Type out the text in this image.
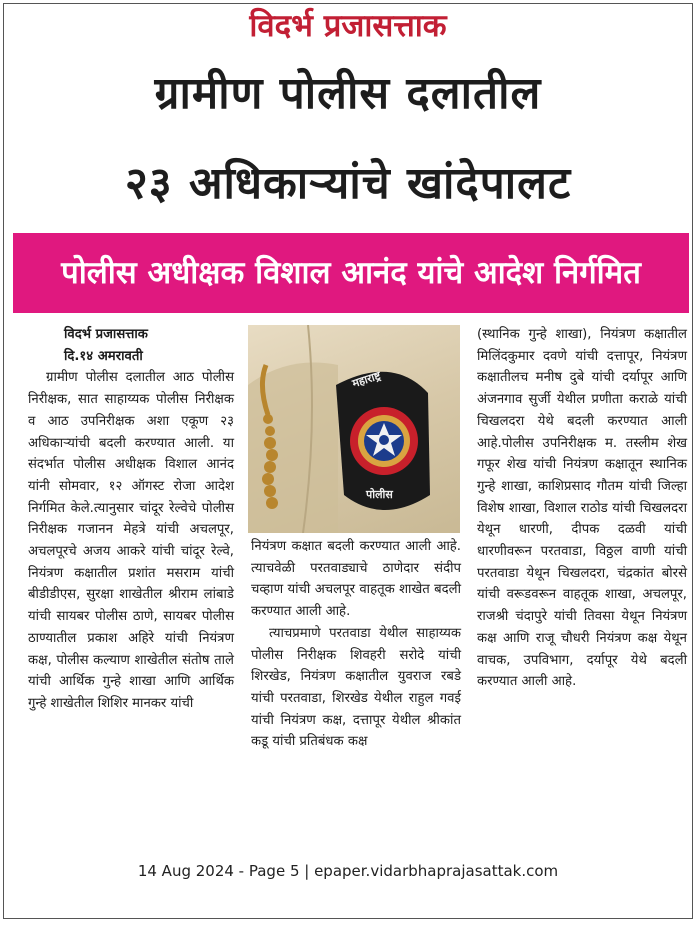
विदर्भ प्रजासत्ताक
ग्रामीण पोलीस दलातील
२३ अधिकाऱ्यांचे खांदेपालट
पोलीस अधीक्षक विशाल आनंद यांचे आदेश निर्गमित
विदर्भ प्रजासत्ताक
दि.१४ अमरावती

ग्रामीण पोलीस दलातील आठ पोलीस निरीक्षक, सात साहाय्यक पोलीस निरीक्षक व आठ उपनिरीक्षक अशा एकूण २३ अधिकाऱ्यांची बदली करण्यात आली. या संदर्भात पोलीस अधीक्षक विशाल आनंद यांनी सोमवार, १२ ऑगस्ट रोजा आदेश निर्गमित केले.त्यानुसार चांदूर रेल्वेचे पोलीस निरीक्षक गजानन मेहत्रे यांची अचलपूर, अचलपूरचे अजय आकरे यांची चांदूर रेल्वे, नियंत्रण कक्षातील प्रशांत मसराम यांची बीडीडीएस, सुरक्षा शाखेतील श्रीराम लांबाडे यांची सायबर पोलीस ठाणे, सायबर पोलीस ठाण्यातील प्रकाश अहिरे यांची नियंत्रण कक्ष, पोलीस कल्याण शाखेतील संतोष ताले यांची आर्थिक गुन्हे शाखा आणि आर्थिक गुन्हे शाखेतील शिशिर मानकर यांची

महाराष्ट्र
पोलीस

नियंत्रण कक्षात बदली करण्यात आली आहे. त्याचवेळी परतवाड्याचे ठाणेदार संदीप चव्हाण यांची अचलपूर वाहतूक शाखेत बदली करण्यात आली आहे.

त्याचप्रमाणे परतवाडा येथील साहाय्यक पोलीस निरीक्षक शिवहरी सरोदे यांची शिरखेड, नियंत्रण कक्षातील युवराज रबडे यांची परतवाडा, शिरखेड येथील राहुल गवई यांची नियंत्रण कक्ष, दत्तापूर येथील श्रीकांत कडू यांची प्रतिबंधक कक्ष

(स्थानिक गुन्हे शाखा), नियंत्रण कक्षातील मिलिंदकुमार दवणे यांची दत्तापूर, नियंत्रण कक्षातीलच मनीष दुबे यांची दर्यापूर आणि अंजनगाव सुर्जी येथील प्रणीता कराळे यांची चिखलदरा येथे बदली करण्यात आली आहे.पोलीस उपनिरीक्षक म. तस्लीम शेख गफूर शेख यांची नियंत्रण कक्षातून स्थानिक गुन्हे शाखा, काशिप्रसाद गौतम यांची जिल्हा विशेष शाखा, विशाल राठोड यांची चिखलदरा येथून धारणी, दीपक दळवी यांची धारणीवरून परतवाडा, विठ्ठल वाणी यांची परतवाडा येथून चिखलदरा, चंद्रकांत बोरसे यांची वरूडवरून वाहतूक शाखा, अचलपूर, राजश्री चंदापुरे यांची तिवसा येथून नियंत्रण कक्ष आणि राजू चौधरी नियंत्रण कक्ष येथून वाचक, उपविभाग, दर्यापूर येथे बदली करण्यात आली आहे.

14 Aug 2024 - Page 5 | epaper.vidarbhaprajasattak.com
